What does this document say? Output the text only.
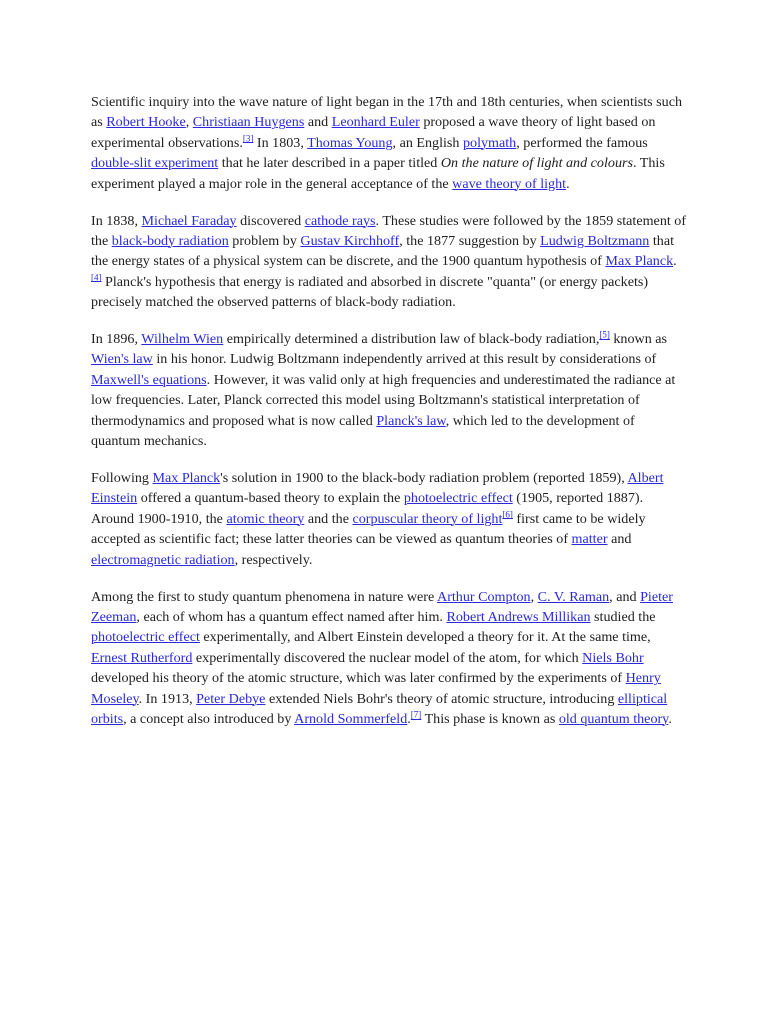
Scientific inquiry into the wave nature of light began in the 17th and 18th centuries, when scientists such as Robert Hooke, Christiaan Huygens and Leonhard Euler proposed a wave theory of light based on experimental observations.[3] In 1803, Thomas Young, an English polymath, performed the famous double-slit experiment that he later described in a paper titled On the nature of light and colours. This experiment played a major role in the general acceptance of the wave theory of light.

In 1838, Michael Faraday discovered cathode rays. These studies were followed by the 1859 statement of the black-body radiation problem by Gustav Kirchhoff, the 1877 suggestion by Ludwig Boltzmann that the energy states of a physical system can be discrete, and the 1900 quantum hypothesis of Max Planck.[4] Planck's hypothesis that energy is radiated and absorbed in discrete "quanta" (or energy packets) precisely matched the observed patterns of black-body radiation.

In 1896, Wilhelm Wien empirically determined a distribution law of black-body radiation,[5] known as Wien's law in his honor. Ludwig Boltzmann independently arrived at this result by considerations of Maxwell's equations. However, it was valid only at high frequencies and underestimated the radiance at low frequencies. Later, Planck corrected this model using Boltzmann's statistical interpretation of thermodynamics and proposed what is now called Planck's law, which led to the development of quantum mechanics.

Following Max Planck's solution in 1900 to the black-body radiation problem (reported 1859), Albert Einstein offered a quantum-based theory to explain the photoelectric effect (1905, reported 1887). Around 1900-1910, the atomic theory and the corpuscular theory of light[6] first came to be widely accepted as scientific fact; these latter theories can be viewed as quantum theories of matter and electromagnetic radiation, respectively.

Among the first to study quantum phenomena in nature were Arthur Compton, C. V. Raman, and Pieter Zeeman, each of whom has a quantum effect named after him. Robert Andrews Millikan studied the photoelectric effect experimentally, and Albert Einstein developed a theory for it. At the same time, Ernest Rutherford experimentally discovered the nuclear model of the atom, for which Niels Bohr developed his theory of the atomic structure, which was later confirmed by the experiments of Henry Moseley. In 1913, Peter Debye extended Niels Bohr's theory of atomic structure, introducing elliptical orbits, a concept also introduced by Arnold Sommerfeld.[7] This phase is known as old quantum theory.
